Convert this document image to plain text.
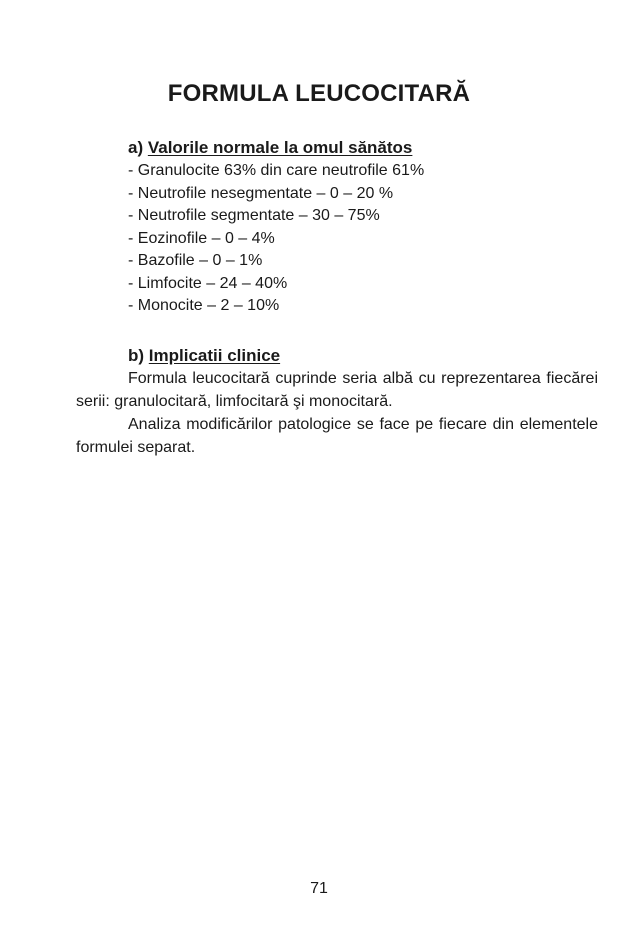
FORMULA LEUCOCITARĂ
a) Valorile normale la omul sănătos
- Granulocite 63% din care neutrofile 61%
- Neutrofile nesegmentate – 0 – 20 %
- Neutrofile segmentate – 30 – 75%
- Eozinofile – 0 – 4%
- Bazofile – 0 – 1%
- Limfocite – 24 – 40%
- Monocite – 2 – 10%
b) Implicatii clinice

Formula leucocitară cuprinde seria albă cu reprezentarea fiecărei serii: granulocitară, limfocitară şi monocitară.

Analiza modificărilor patologice se face pe fiecare din elementele formulei separat.

71
